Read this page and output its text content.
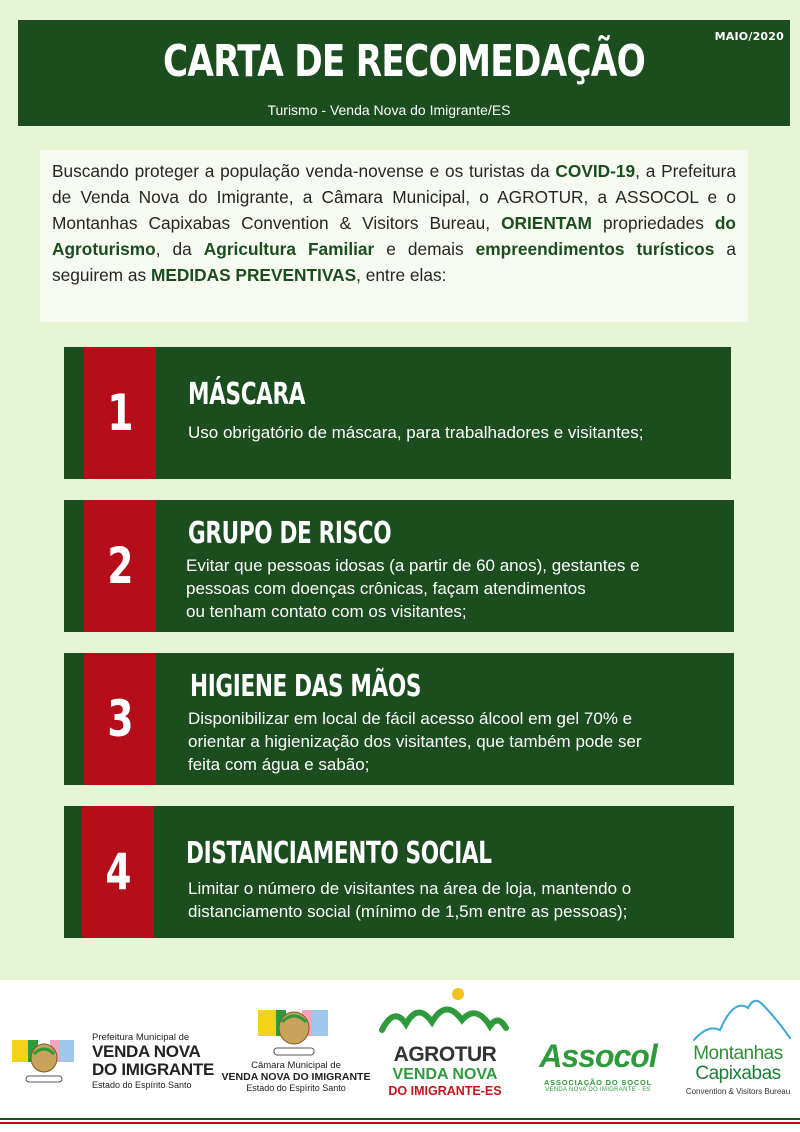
MAIO/2020
CARTA DE RECOMEDAÇÃO
Turismo - Venda Nova do Imigrante/ES

Buscando proteger a população venda-novense e os turistas da COVID-19, a Prefeitura de Venda Nova do Imigrante, a Câmara Municipal, o AGROTUR, a ASSOCOL e o Montanhas Capixabas Convention & Visitors Bureau, ORIENTAM propriedades do Agroturismo, da Agricultura Familiar e demais empreendimentos turísticos a seguirem as MEDIDAS PREVENTIVAS, entre elas:

1 MÁSCARA
Uso obrigatório de máscara, para trabalhadores e visitantes;
2
GRUPO DE RISCO
Evitar que pessoas idosas (a partir de 60 anos), gestantes e
pessoas com doenças crônicas, façam atendimentos
ou tenham contato com os visitantes;
3
HIGIENE DAS MÃOS
Disponibilizar em local de fácil acesso álcool em gel 70% e
orientar a higienização dos visitantes, que também pode ser
feita com água e sabão;
4 DISTANCIAMENTO SOCIAL
Limitar o número de visitantes na área de loja, mantendo o
distanciamento social (mínimo de 1,5m entre as pessoas);
Prefeitura Municipal de
VENDA NOVA
DO IMIGRANTE
Estado do Espírito Santo
Câmara Municipal de
VENDA NOVA DO IMIGRANTE
Estado do Espírito Santo
AGROTUR
VENDA NOVA
DO IMIGRANTE-ES
Assocol
ASSOCIAÇÃO DO SOCOL
VENDA NOVA DO IMIGRANTE - ES
Montanhas
Capixabas
Convention & Visitors Bureau
